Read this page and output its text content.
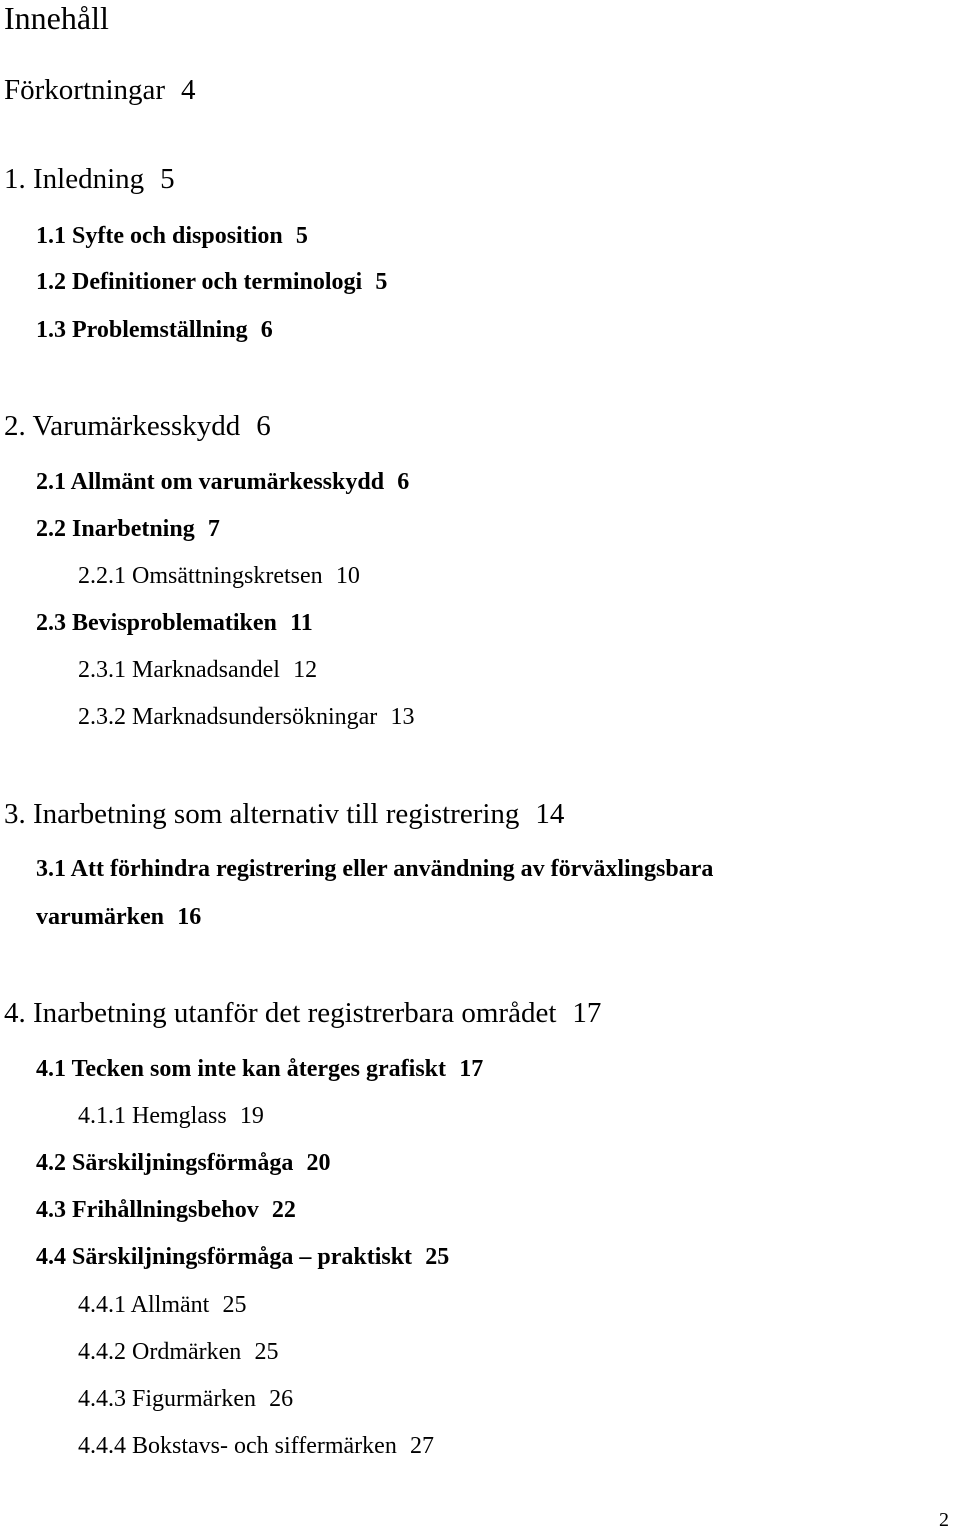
Innehåll
Förkortningar 4
1. Inledning 5
1.1 Syfte och disposition 5
1.2 Definitioner och terminologi 5
1.3 Problemställning 6
2. Varumärkesskydd 6
2.1 Allmänt om varumärkesskydd 6
2.2 Inarbetning 7
2.2.1 Omsättningskretsen 10
2.3 Bevisproblematiken 11
2.3.1 Marknadsandel 12
2.3.2 Marknadsundersökningar 13
3. Inarbetning som alternativ till registrering 14
3.1 Att förhindra registrering eller användning av förväxlingsbara
varumärken 16
4. Inarbetning utanför det registrerbara området 17
4.1 Tecken som inte kan återges grafiskt 17
4.1.1 Hemglass 19
4.2 Särskiljningsförmåga 20
4.3 Frihållningsbehov 22
4.4 Särskiljningsförmåga – praktiskt 25
4.4.1 Allmänt 25
4.4.2 Ordmärken 25
4.4.3 Figurmärken 26
4.4.4 Bokstavs- och siffermärken 27
2
